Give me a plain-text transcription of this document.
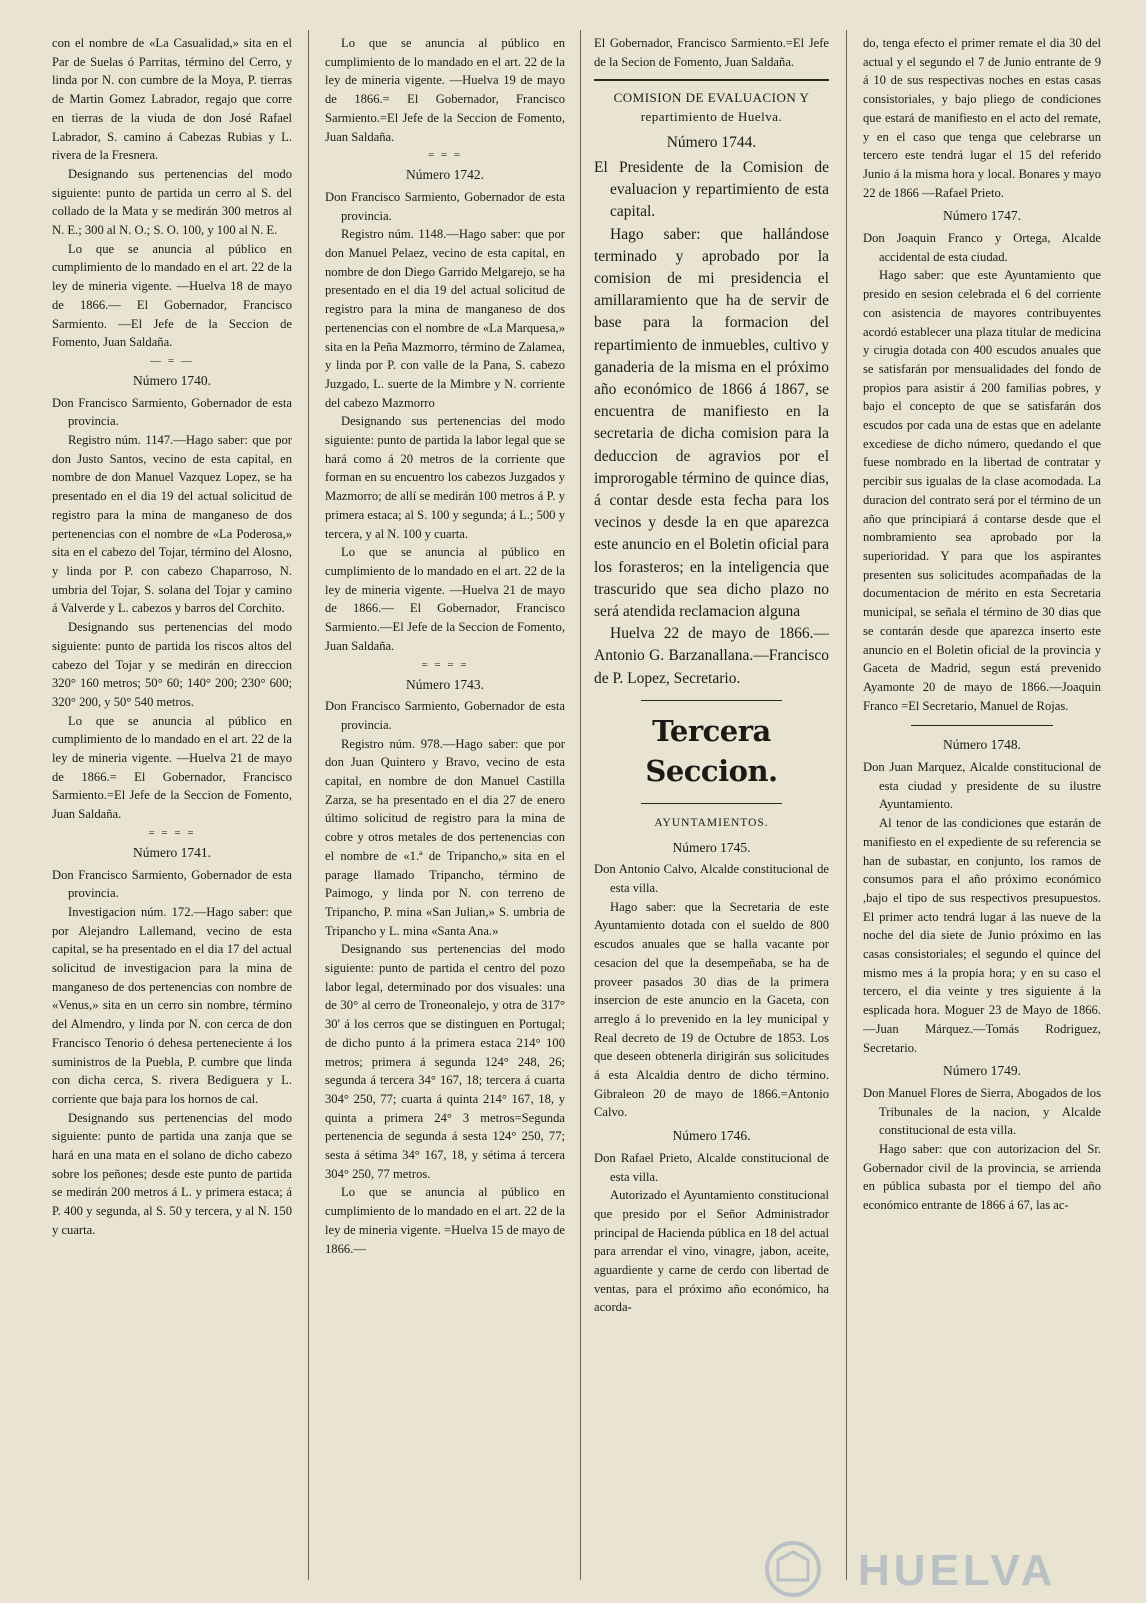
con el nombre de «La Casualidad,» sita en el Par de Suelas ó Parritas, término del Cerro, y linda por N. con cumbre de la Moya, P. tierras de Martin Gomez Labrador, regajo que corre en tierras de la viuda de don José Rafael Labrador, S. camino á Cabezas Rubias y L. rivera de la Fresnera.

Designando sus pertenencias del modo siguiente: punto de partida un cerro al S. del collado de la Mata y se medirán 300 metros al N. E.; 300 al N. O.; S. O. 100, y 100 al N. E.

Lo que se anuncia al público en cumplimiento de lo mandado en el art. 22 de la ley de mineria vigente. —Huelva 18 de mayo de 1866.— El Gobernador, Francisco Sarmiento. —El Jefe de la Seccion de Fomento, Juan Saldaña.

— = —

Número 1740.

Don Francisco Sarmiento, Gobernador de esta provincia.

Registro núm. 1147.—Hago saber: que por don Justo Santos, vecino de esta capital, en nombre de don Manuel Vazquez Lopez, se ha presentado en el dia 19 del actual solicitud de registro para la mina de manganeso de dos pertenencias con el nombre de «La Poderosa,» sita en el cabezo del Tojar, término del Alosno, y linda por P. con cabezo Chaparroso, N. umbria del Tojar, S. solana del Tojar y camino á Valverde y L. cabezos y barros del Corchito.

Designando sus pertenencias del modo siguiente: punto de partida los riscos altos del cabezo del Tojar y se medirán en direccion 320° 160 metros; 50° 60; 140° 200; 230° 600; 320° 200, y 50° 540 metros.

Lo que se anuncia al público en cumplimiento de lo mandado en el art. 22 de la ley de mineria vigente. —Huelva 21 de mayo de 1866.= El Gobernador, Francisco Sarmiento.=El Jefe de la Seccion de Fomento, Juan Saldaña.

= = = =

Número 1741.

Don Francisco Sarmiento, Gobernador de esta provincia.

Investigacion núm. 172.—Hago saber: que por Alejandro Lallemand, vecino de esta capital, se ha presentado en el dia 17 del actual solicitud de investigacion para la mina de manganeso de dos pertenencias con nombre de «Venus,» sita en un cerro sin nombre, término del Almendro, y linda por N. con cerca de don Francisco Tenorio ó dehesa perteneciente á los suministros de la Puebla, P. cumbre que linda con dicha cerca, S. rivera Bediguera y L. corriente que baja para los hornos de cal.

Designando sus pertenencias del modo siguiente: punto de partida una zanja que se hará en una mata en el solano de dicho cabezo sobre los peñones; desde este punto de partida se medirán 200 metros á L. y primera estaca; á P. 400 y segunda, al S. 50 y tercera, y al N. 150 y cuarta.

Lo que se anuncia al público en cumplimiento de lo mandado en el art. 22 de la ley de mineria vigente. —Huelva 19 de mayo de 1866.= El Gobernador, Francisco Sarmiento.=El Jefe de la Seccion de Fomento, Juan Saldaña.

= = =

Número 1742.

Don Francisco Sarmiento, Gobernador de esta provincia.

Registro núm. 1148.—Hago saber: que por don Manuel Pelaez, vecino de esta capital, en nombre de don Diego Garrido Melgarejo, se ha presentado en el dia 19 del actual solicitud de registro para la mina de manganeso de dos pertenencias con el nombre de «La Marquesa,» sita en la Peña Mazmorro, término de Zalamea, y linda por P. con valle de la Pana, S. cabezo Juzgado, L. suerte de la Mimbre y N. corriente del cabezo Mazmorro

Designando sus pertenencias del modo siguiente: punto de partida la labor legal que se hará como á 20 metros de la corriente que forman en su encuentro los cabezos Juzgados y Mazmorro; de allí se medirán 100 metros á P. y primera estaca; al S. 100 y segunda; á L.; 500 y tercera, y al N. 100 y cuarta.

Lo que se anuncia al público en cumplimiento de lo mandado en el art. 22 de la ley de mineria vigente. —Huelva 21 de mayo de 1866.— El Gobernador, Francisco Sarmiento.—El Jefe de la Seccion de Fomento, Juan Saldaña.

= = = =

Número 1743.

Don Francisco Sarmiento, Gobernador de esta provincia.

Registro núm. 978.—Hago saber: que por don Juan Quintero y Bravo, vecino de esta capital, en nombre de don Manuel Castilla Zarza, se ha presentado en el dia 27 de enero último solicitud de registro para la mina de cobre y otros metales de dos pertenencias con el nombre de «1.ª de Tripancho,» sita en el parage llamado Tripancho, término de Paimogo, y linda por N. con terreno de Tripancho, P. mina «San Julian,» S. umbria de Tripancho y L. mina «Santa Ana.»

Designando sus pertenencias del modo siguiente: punto de partida el centro del pozo labor legal, determinado por dos visuales: una de 30° al cerro de Troneonalejo, y otra de 317° 30' á los cerros que se distinguen en Portugal; de dicho punto á la primera estaca 214° 100 metros; primera á segunda 124° 248, 26; segunda á tercera 34° 167, 18; tercera á cuarta 304° 250, 77; cuarta á quinta 214° 167, 18, y quinta a primera 24° 3 metros=Segunda pertenencia de segunda á sesta 124° 250, 77; sesta á sétima 34° 167, 18, y sétima á tercera 304° 250, 77 metros.

Lo que se anuncia al público en cumplimiento de lo mandado en el art. 22 de la ley de mineria vigente. =Huelva 15 de mayo de 1866.—

El Gobernador, Francisco Sarmiento.=El Jefe de la Secion de Fomento, Juan Saldaña.

COMISION DE EVALUACION Y

repartimiento de Huelva.

Número 1744.

El Presidente de la Comision de evaluacion y repartimiento de esta capital.

Hago saber: que hallándose terminado y aprobado por la comision de mi presidencia el amillaramiento que ha de servir de base para la formacion del repartimiento de inmuebles, cultivo y ganaderia de la misma en el próximo año económico de 1866 á 1867, se encuentra de manifiesto en la secretaria de dicha comision para la deduccion de agravios por el improrogable término de quince dias, á contar desde esta fecha para los vecinos y desde la en que aparezca este anuncio en el Boletin oficial para los forasteros; en la inteligencia que trascurido que sea dicho plazo no será atendida reclamacion alguna

Huelva 22 de mayo de 1866.—Antonio G. Barzanallana.—Francisco de P. Lopez, Secretario.

Tercera Seccion.

AYUNTAMIENTOS.

Número 1745.

Don Antonio Calvo, Alcalde constitucional de esta villa.

Hago saber: que la Secretaria de este Ayuntamiento dotada con el sueldo de 800 escudos anuales que se halla vacante por cesacion del que la desempeñaba, se ha de proveer pasados 30 dias de la primera insercion de este anuncio en la Gaceta, con arreglo á lo prevenido en la ley municipal y Real decreto de 19 de Octubre de 1853. Los que deseen obtenerla dirigirán sus solicitudes á esta Alcaldia dentro de dicho término. Gibraleon 20 de mayo de 1866.=Antonio Calvo.

Número 1746.

Don Rafael Prieto, Alcalde constitucional de esta villa.

Autorizado el Ayuntamiento constitucional que presido por el Señor Administrador principal de Hacienda pública en 18 del actual para arrendar el vino, vinagre, jabon, aceite, aguardiente y carne de cerdo con libertad de ventas, para el próximo año económico, ha acorda-

do, tenga efecto el primer remate el dia 30 del actual y el segundo el 7 de Junio entrante de 9 á 10 de sus respectivas noches en estas casas consistoriales, y bajo pliego de condiciones que estará de manifiesto en el acto del remate, y en el caso que tenga que celebrarse un tercero este tendrá lugar el 15 del referido Junio á la misma hora y local. Bonares y mayo 22 de 1866 —Rafael Prieto.

Número 1747.

Don Joaquin Franco y Ortega, Alcalde accidental de esta ciudad.

Hago saber: que este Ayuntamiento que presido en sesion celebrada el 6 del corriente con asistencia de mayores contribuyentes acordó establecer una plaza titular de medicina y cirugia dotada con 400 escudos anuales que se satisfarán por mensualidades del fondo de propios para asistir á 200 familias pobres, y bajo el concepto de que se satisfarán dos escudos por cada una de estas que en adelante excediese de dicho número, quedando el que fuese nombrado en la libertad de contratar y percibir sus igualas de la clase acomodada. La duracion del contrato será por el término de un año que principiará á contarse desde que el nombramiento sea aprobado por la superioridad. Y para que los aspirantes presenten sus solicitudes acompañadas de la documentacion de mérito en esta Secretaria municipal, se señala el término de 30 dias que se contarán desde que aparezca inserto este anuncio en el Boletin oficial de la provincia y Gaceta de Madrid, segun está prevenido Ayamonte 20 de mayo de 1866.—Joaquin Franco =El Secretario, Manuel de Rojas.

Número 1748.

Don Juan Marquez, Alcalde constitucional de esta ciudad y presidente de su ilustre Ayuntamiento.

Al tenor de las condiciones que estarán de manifiesto en el expediente de su referencia se han de subastar, en conjunto, los ramos de consumos para el año próximo económico ,bajo el tipo de sus respectivos presupuestos. El primer acto tendrá lugar á las nueve de la noche del dia siete de Junio próximo en las casas consistoriales; el segundo el quince del mismo mes á la propia hora; y en su caso el tercero, el dia veinte y tres siguiente á la esplicada hora. Moguer 23 de Mayo de 1866.—Juan Márquez.—Tomás Rodriguez, Secretario.

Número 1749.

Don Manuel Flores de Sierra, Abogados de los Tribunales de la nacion, y Alcalde constitucional de esta villa.

Hago saber: que con autorizacion del Sr. Gobernador civil de la provincia, se arrienda en pública subasta por el tiempo del año económico entrante de 1866 á 67, las ac-

HUELVA
